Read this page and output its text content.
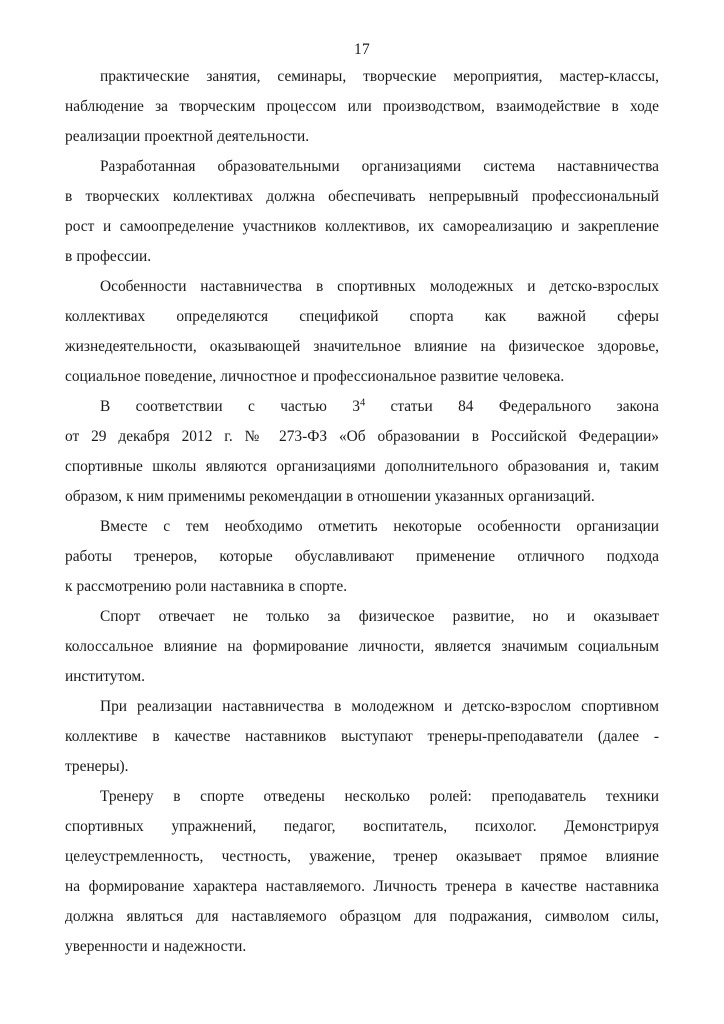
17

практические занятия, семинары, творческие мероприятия, мастер-классы,
наблюдение за творческим процессом или производством, взаимодействие в ходе
реализации проектной деятельности.

Разработанная образовательными организациями система наставничества
в творческих коллективах должна обеспечивать непрерывный профессиональный
рост и самоопределение участников коллективов, их самореализацию и закрепление
в профессии.

Особенности наставничества в спортивных молодежных и детско-взрослых
коллективах определяются спецификой спорта как важной сферы
жизнедеятельности, оказывающей значительное влияние на физическое здоровье,
социальное поведение, личностное и профессиональное развитие человека.

В соответствии с частью $3^4$ статьи 84 Федерального закона
от 29 декабря 2012 г. № 273-ФЗ «Об образовании в Российской Федерации»
спортивные школы являются организациями дополнительного образования и, таким
образом, к ним применимы рекомендации в отношении указанных организаций.

Вместе с тем необходимо отметить некоторые особенности организации
работы тренеров, которые обуславливают применение отличного подхода
к рассмотрению роли наставника в спорте.

Спорт отвечает не только за физическое развитие, но и оказывает
колоссальное влияние на формирование личности, является значимым социальным
институтом.

При реализации наставничества в молодежном и детско-взрослом спортивном
коллективе в качестве наставников выступают тренеры-преподаватели (далее -
тренеры).

Тренеру в спорте отведены несколько ролей: преподаватель техники
спортивных упражнений, педагог, воспитатель, психолог. Демонстрируя
целеустремленность, честность, уважение, тренер оказывает прямое влияние
на формирование характера наставляемого. Личность тренера в качестве наставника
должна являться для наставляемого образцом для подражания, символом силы,
уверенности и надежности.
